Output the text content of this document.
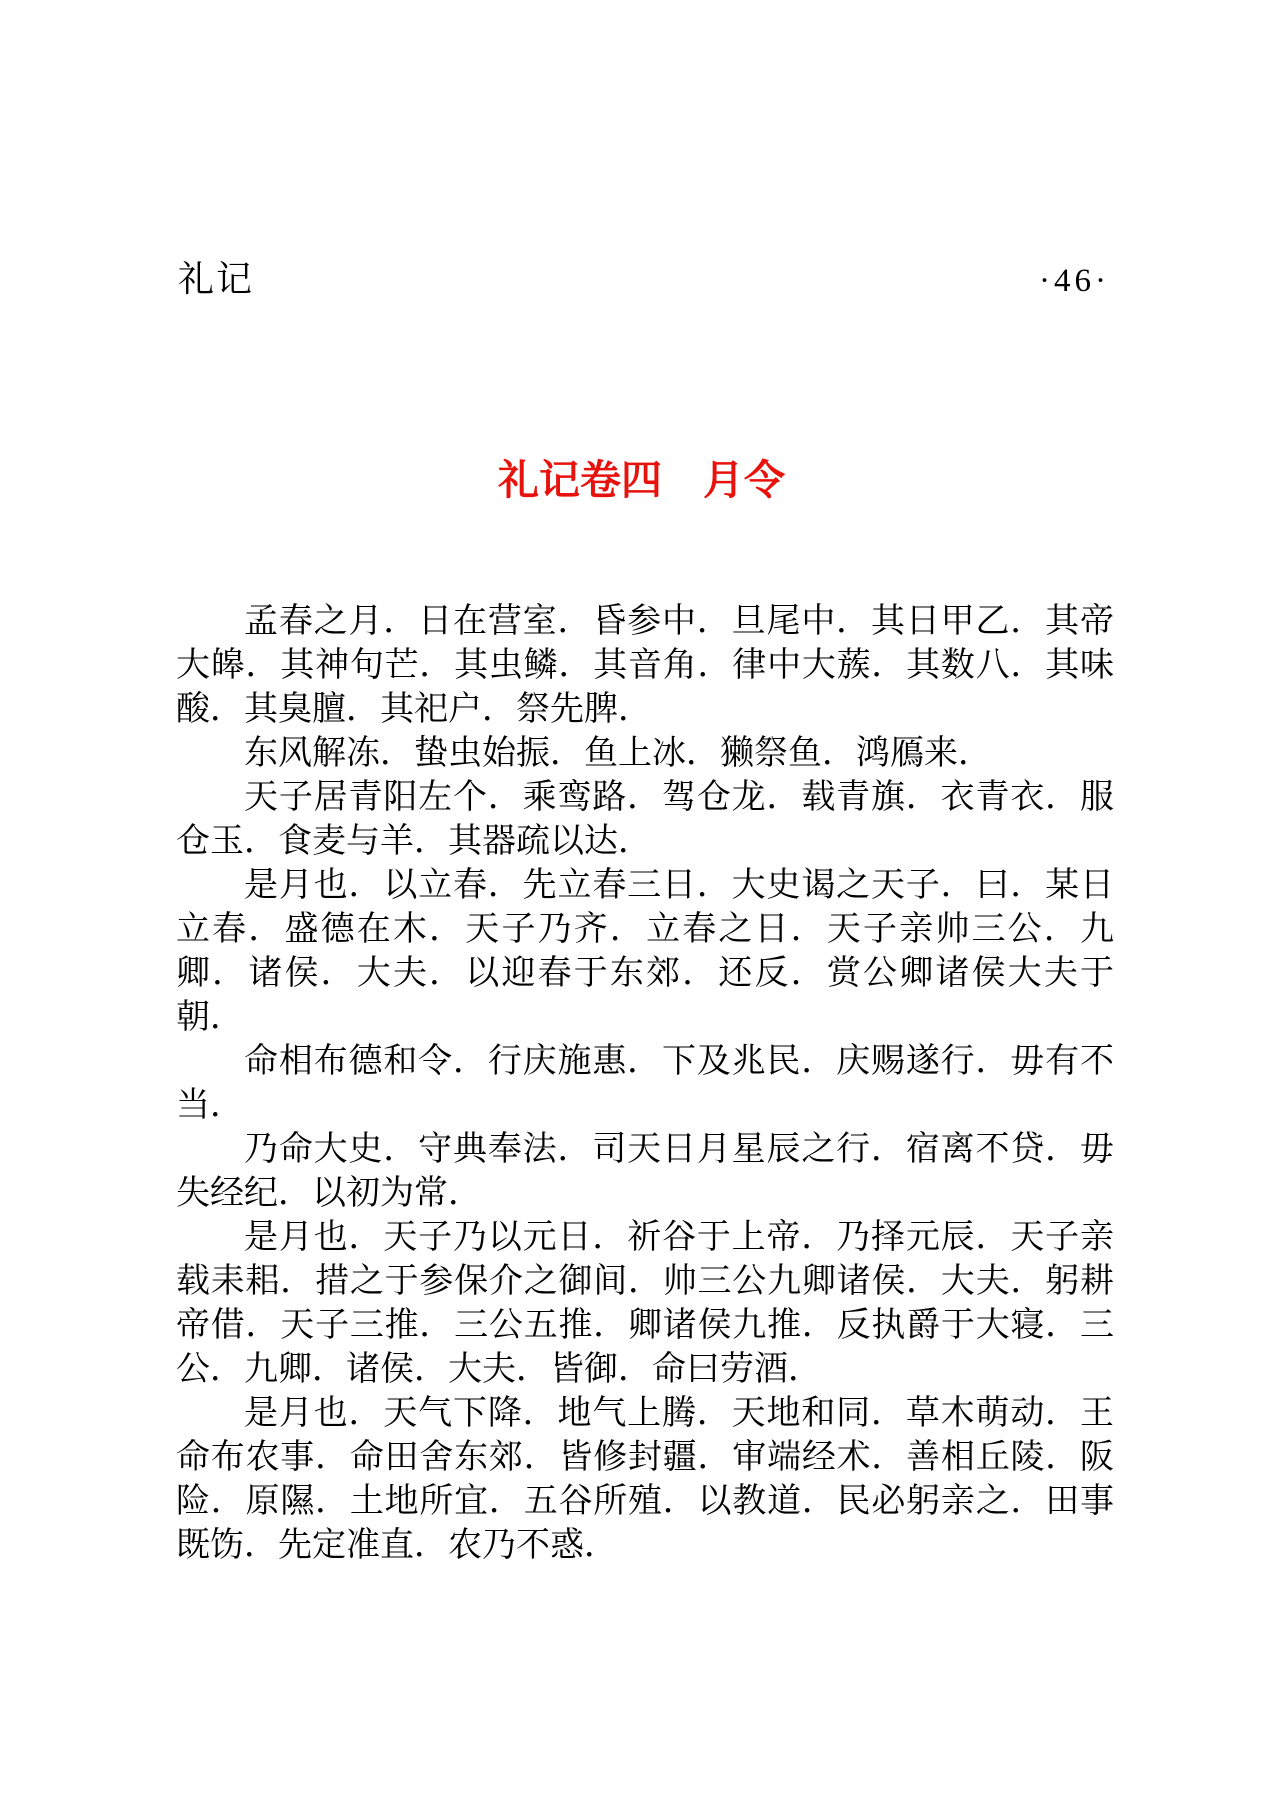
礼记	·46·
礼记卷四　月令

孟春之月．日在营室．昏参中．旦尾中．其日甲乙．其帝大皞．其神句芒．其虫鳞．其音角．律中大蔟．其数八．其味酸．其臭膻．其祀户．祭先脾．

东风解冻．蛰虫始振．鱼上冰．獭祭鱼．鸿鴈来．

天子居青阳左个．乘鸾路．驾仓龙．载青旗．衣青衣．服仓玉．食麦与羊．其器疏以达．

是月也．以立春．先立春三日．大史谒之天子．曰．某日立春．盛德在木．天子乃齐．立春之日．天子亲帅三公．九卿．诸侯．大夫．以迎春于东郊．还反．赏公卿诸侯大夫于朝．

命相布德和令．行庆施惠．下及兆民．庆赐遂行．毋有不当．

乃命大史．守典奉法．司天日月星辰之行．宿离不贷．毋失经纪．以初为常．

是月也．天子乃以元日．祈谷于上帝．乃择元辰．天子亲载耒耜．措之于参保介之御间．帅三公九卿诸侯．大夫．躬耕帝借．天子三推．三公五推．卿诸侯九推．反执爵于大寝．三公．九卿．诸侯．大夫．皆御．命曰劳酒．

是月也．天气下降．地气上腾．天地和同．草木萌动．王命布农事．命田舍东郊．皆修封疆．审端经术．善相丘陵．阪险．原隰．土地所宜．五谷所殖．以教道．民必躬亲之．田事既饬．先定准直．农乃不惑．
